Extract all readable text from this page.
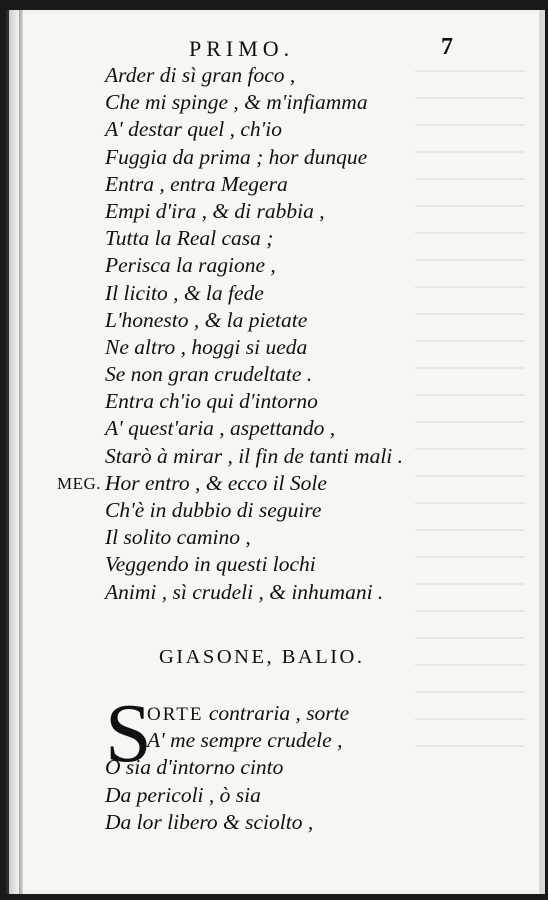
PRIMO.	7
Arder di sì gran foco ,
Che mi spinge , & m'infiamma
A' destar quel , ch'io
Fuggia da prima ; hor dunque
Entra , entra Megera
Empi d'ira , & di rabbia ,
Tutta la Real casa ;
Perisca la ragione ,
Il licito , & la fede
L'honesto , & la pietate
Ne altro , hoggi si ueda
Se non gran crudeltate .
Entra ch'io qui d'intorno
A' quest'aria , aspettando ,
Starò à mirar , il fin de tanti mali .
MEG. Hor entro , & ecco il Sole
Ch'è in dubbio di seguire
Il solito camino ,
Veggendo in questi lochi
Animi , sì crudeli , & inhumani .
GIASONE, BALIO.
S
ORTE contraria , sorte
A' me sempre crudele ,
O sia d'intorno cinto
Da pericoli , ò sia
Da lor libero & sciolto ,
